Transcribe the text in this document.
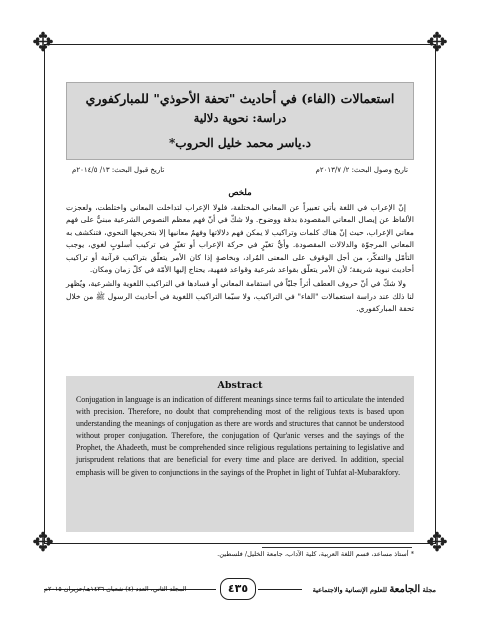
✥	✥
✥	✥
استعمالات (الفاء) في أحاديث "تحفة الأحوذي" للمباركفوري
دراسة: نحوية دلالية
د.ياسر محمد خليل الحروب*
تاريخ وصول البحث: ٢/ ٢٠١٣/٧م
تاريخ قبول البحث: ١٣/ ٢٠١٤/٥م
ملخص

إنّ الإعراب في اللغة يأتي تعبيراً عن المعاني المختلفة، فلولا الإعراب لتداخلت المعاني واختلطت، ولعجزت الألفاظ عن إيصال المعاني المقصودة بدقة ووضوح. ولا شكّ في أنّ فهم معظم النصوص الشرعية مبنيٌّ على فهم معاني الإعراب، حيث إنّ هناك كلمات وتراكيب لا يمكن فهم دلالاتها وفهمُ معانيها إلا بتخريجها النحوي، فتنكشف به المعاني المرجوّة والدلالات المقصودة. وأيُّ تغيّرٍ في حركة الإعراب أو تغيّرٍ في تركيب أسلوبٍ لغوي، يوجب التأمّل والتفكّر، من أجل الوقوف على المعنى المُراد، وبخاصةٍ إذا كان الأمر يتعلّق بتراكيب قرآنية أو تراكيب أحاديث نبوية شريفة؛ لأن الأمر يتعلّق بقواعد شرعية وقواعد فقهية، يحتاج إليها الأمّة في كلّ زمان ومكان.

ولا شكّ في أنّ حروف العطف أثراً جليّاً في استقامة المعاني أو فسادها في التراكيب اللغوية والشرعية، ويُظهر لنا ذلك عند دراسة استعمالات "الفاء" في التراكيب، ولا سيّما التراكيب اللغوية في أحاديث الرسول ﷺ من خلال تحفة المباركفوري.

Abstract
Conjugation in language is an indication of different meanings since terms fail to articulate the intended with precision. Therefore, no doubt that comprehending most of the religious texts is based upon understanding the meanings of conjugation as there are words and structures that cannot be understood without proper conjugation. Therefore, the conjugation of Qur'anic verses and the sayings of the Prophet, the Ahadeeth, must be comprehended since religious regulations pertaining to legislative and jurisprudent relations that are beneficial for every time and place are derived. In addition, special emphasis will be given to conjunctions in the sayings of the Prophet in light of Tuhfat al-Mubarakfory.
* أستاذ مساعد، قسم اللغة العربية، كلية الآداب، جامعة الخليل/ فلسطين.
المجلد الثاني، العدد (٤) شعبان ١٤٣٦هـ/حزيران ٢٠١٥م	٤٣٥	مجلة الجامعة للعلوم الإنسانية والاجتماعية
